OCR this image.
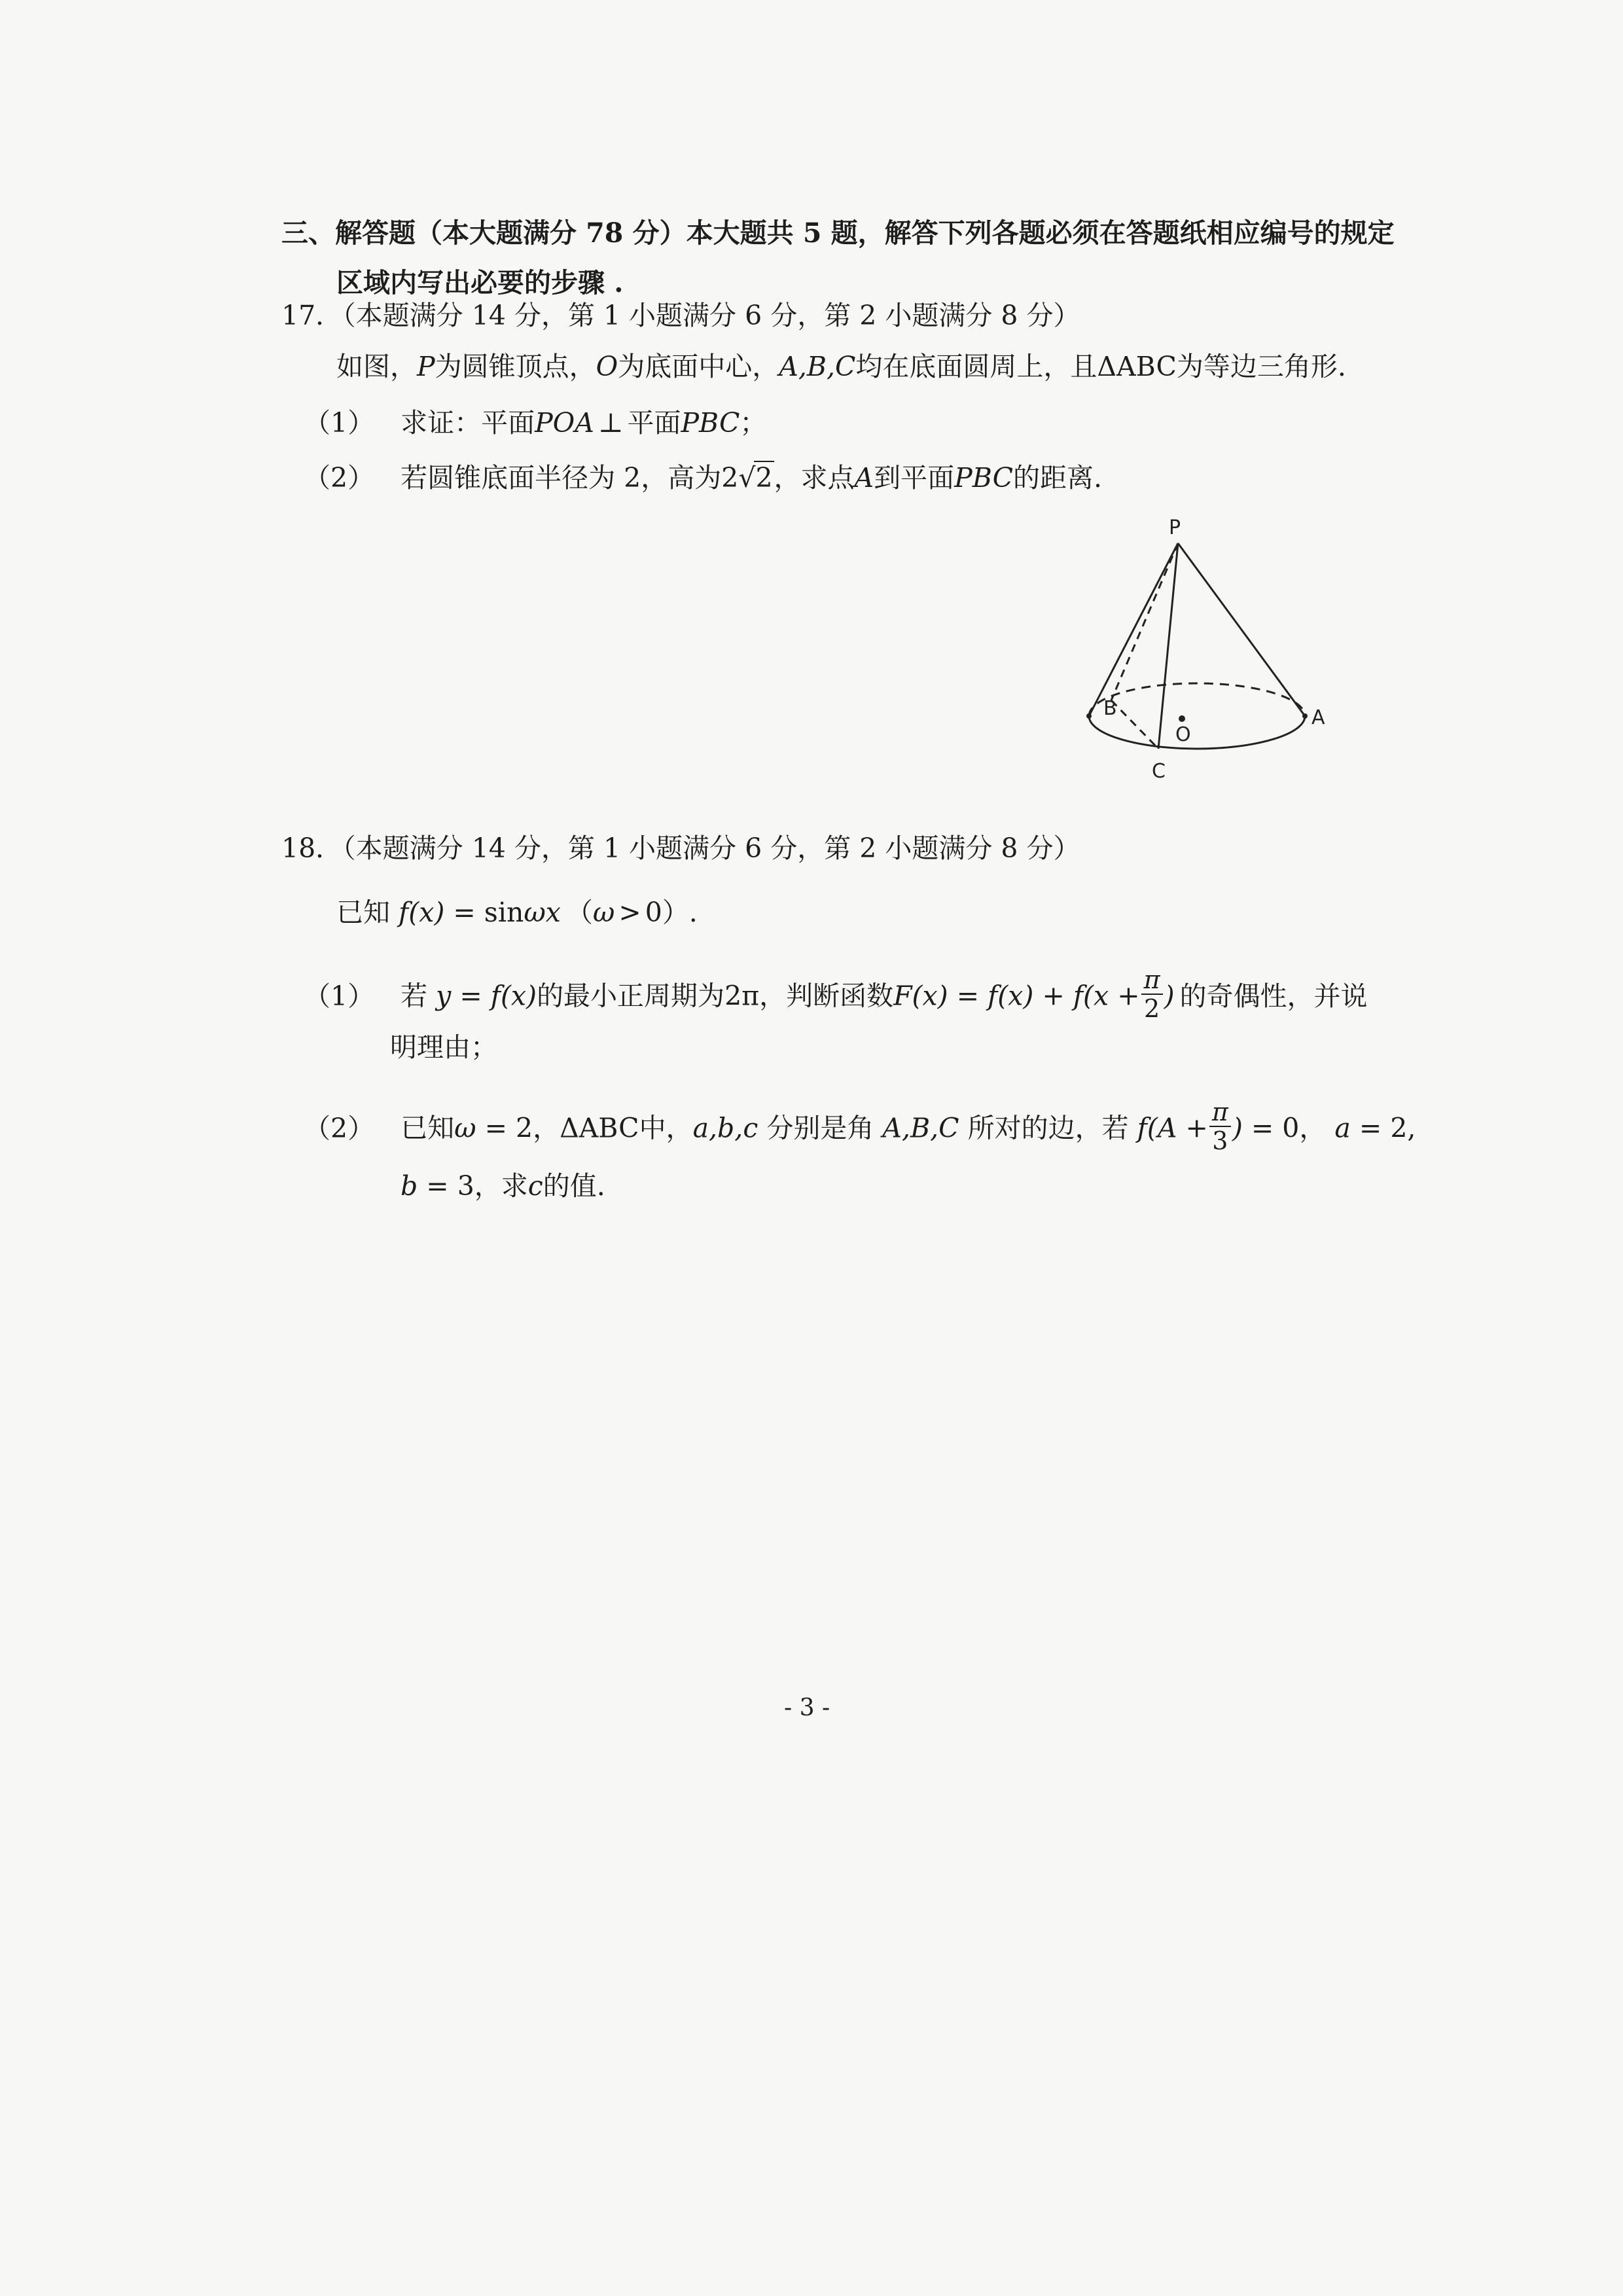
三、解答题（本大题满分 78 分）本大题共 5 题，解答下列各题必须在答题纸相应编号的规定
区域内写出必要的步骤 .
17．（本题满分 14 分，第 1 小题满分 6 分，第 2 小题满分 8 分）
如图，P为圆锥顶点，O为底面中心，A,B,C均在底面圆周上，且ΔABC为等边三角形.
（1） 求证：平面POA ⊥ 平面PBC；
（2） 若圆锥底面半径为 2，高为2√2，求点A到平面PBC的距离.
P
B
O
A
C
18．（本题满分 14 分，第 1 小题满分 6 分，第 2 小题满分 8 分）
已知 f(x) = sinωx （ω > 0）.
（1） 若 y = f(x)的最小正周期为2π，判断函数$F(x) = f(x) + f(x + \frac{\pi}{2}$ ) 的奇偶性，并说
明理由；
（2） 已知ω = 2，ΔABC中，a,b,c 分别是角 A,B,C 所对的边，若 $f(A + \frac{\pi}{3}$ ) = 0， a = 2,
b = 3，求c的值.
- 3 -
